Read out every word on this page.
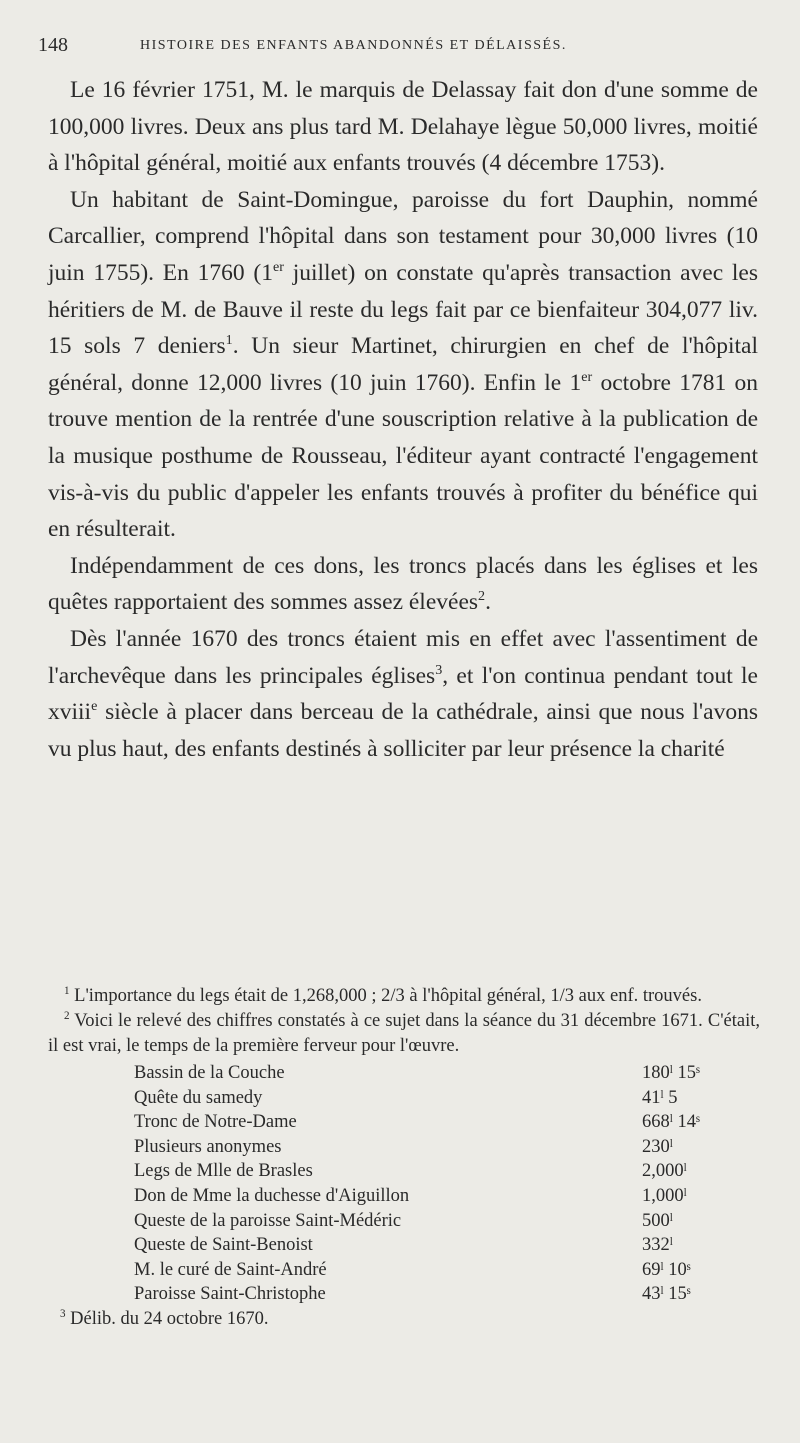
148	HISTOIRE DES ENFANTS ABANDONNÉS ET DÉLAISSÉS.

Le 16 février 1751, M. le marquis de Delassay fait don d'une somme de 100,000 livres. Deux ans plus tard M. Delahaye lègue 50,000 livres, moitié à l'hôpital général, moitié aux enfants trouvés (4 décembre 1753).

Un habitant de Saint-Domingue, paroisse du fort Dauphin, nommé Carcallier, comprend l'hôpital dans son testament pour 30,000 livres (10 juin 1755). En 1760 (1er juillet) on constate qu'après transaction avec les héritiers de M. de Bauve il reste du legs fait par ce bienfaiteur 304,077 liv. 15 sols 7 deniers$^1$. Un sieur Martinet, chirurgien en chef de l'hôpital général, donne 12,000 livres (10 juin 1760). Enfin le 1er octobre 1781 on trouve mention de la rentrée d'une souscription relative à la publication de la musique posthume de Rousseau, l'éditeur ayant contracté l'engagement vis-à-vis du public d'appeler les enfants trouvés à profiter du bénéfice qui en résulterait.

Indépendamment de ces dons, les troncs placés dans les églises et les quêtes rapportaient des sommes assez élevées$^2$.

Dès l'année 1670 des troncs étaient mis en effet avec l'assentiment de l'archevêque dans les principales églises$^3$, et l'on continua pendant tout le xviii$^e$ siècle à placer dans berceau de la cathédrale, ainsi que nous l'avons vu plus haut, des enfants destinés à solliciter par leur présence la charité

$^1$ L'importance du legs était de 1,268,000 ; 2/3 à l'hôpital général, 1/3 aux enf. trouvés.

$^2$ Voici le relevé des chiffres constatés à ce sujet dans la séance du 31 décembre 1671. C'était, il est vrai, le temps de la première ferveur pour l'œuvre.

Bassin de la Couche	180ˡ 15ˢ
Quête du samedy	41ˡ 5
Tronc de Notre-Dame	668ˡ 14ˢ
Plusieurs anonymes	230ˡ
Legs de Mlle de Brasles	2,000ˡ
Don de Mme la duchesse d'Aiguillon	1,000ˡ
Queste de la paroisse Saint-Médéric	500ˡ
Queste de Saint-Benoist	332ˡ
M. le curé de Saint-André	69ˡ 10ˢ
Paroisse Saint-Christophe	43ˡ 15ˢ

$^3$ Délib. du 24 octobre 1670.
